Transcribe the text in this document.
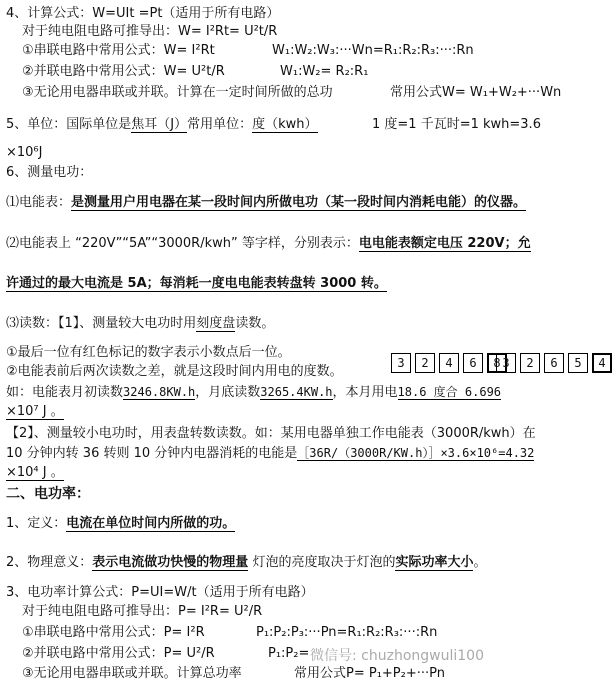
4、计算公式：W=UIt =Pt（适用于所有电路）
对于纯电阻电路可推导出：W= I²Rt= U²t/R
①串联电路中常用公式：W= I²Rt	W₁:W₂:W₃:···Wn=R₁:R₂:R₃:···:Rn
②并联电路中常用公式：W= U²t/R	W₁:W₂= R₂:R₁
③无论用电器串联或并联。计算在一定时间所做的总功	常用公式W= W₁+W₂+···Wn
5、单位：国际单位是焦耳（J）常用单位：度（kwh）	1 度=1 千瓦时=1 kwh=3.6
×10⁶J
6、测量电功：
⑴电能表：是测量用户用电器在某一段时间内所做电功（某一段时间内消耗电能）的仪器。
⑵电能表上 “220V”“5A”“3000R/kwh” 等字样，分别表示：电电能表额定电压 220V；允
许通过的最大电流是 5A；每消耗一度电电能表转盘转 3000 转。
⑶读数：【1】、测量较大电功时用刻度盘读数。
①最后一位有红色标记的数字表示小数点后一位。
②电能表前后两次读数之差，就是这段时间内用电的度数。
3	2	4	6	8 3	2	6	5	4
如：电能表月初读数3246.8KW.h，月底读数3265.4KW.h，本月用电18.6 度合 6.696
×10⁷ J 。
【2】、测量较小电功时，用表盘转数读数。如：某用电器单独工作电能表（3000R/kwh）在
10 分钟内转 36 转则 10 分钟内电器消耗的电能是［36R/（3000R/KW.h）］×3.6×10⁶=4.32
×10⁴ J 。
二、电功率：
1、定义：电流在单位时间内所做的功。
2、物理意义：表示电流做功快慢的物理量 灯泡的亮度取决于灯泡的实际功率大小。
3、电功率计算公式：P=UI=W/t（适用于所有电路）
对于纯电阻电路可推导出：P= I²R= U²/R
①串联电路中常用公式：P= I²R	P₁:P₂:P₃:···Pn=R₁:R₂:R₃:···:Rn
②并联电路中常用公式：P= U²/R	P₁:P₂=
③无论用电器串联或并联。计算总功率	常用公式P= P₁+P₂+···Pn
微信号: chuzhongwuli100
